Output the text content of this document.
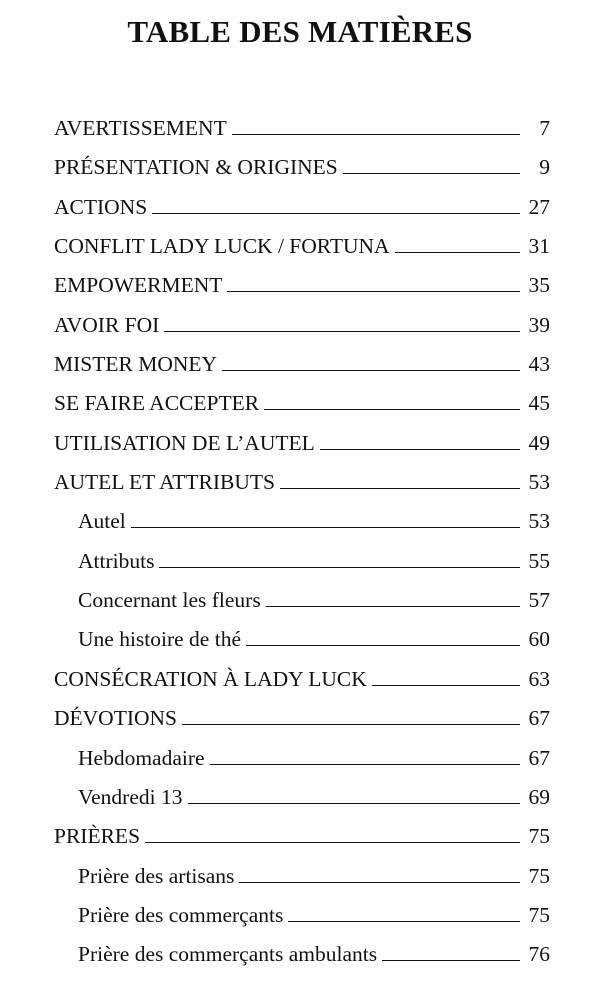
TABLE DES MATIÈRES
AVERTISSEMENT	7
PRÉSENTATION & ORIGINES	9
ACTIONS	27
CONFLIT LADY LUCK / FORTUNA	31
EMPOWERMENT	35
AVOIR FOI	39
MISTER MONEY	43
SE FAIRE ACCEPTER	45
UTILISATION DE L’AUTEL	49
AUTEL ET ATTRIBUTS	53
Autel	53
Attributs	55
Concernant les fleurs	57
Une histoire de thé	60
CONSÉCRATION À LADY LUCK	63
DÉVOTIONS	67
Hebdomadaire	67
Vendredi 13	69
PRIÈRES	75
Prière des artisans	75
Prière des commerçants	75
Prière des commerçants ambulants	76
